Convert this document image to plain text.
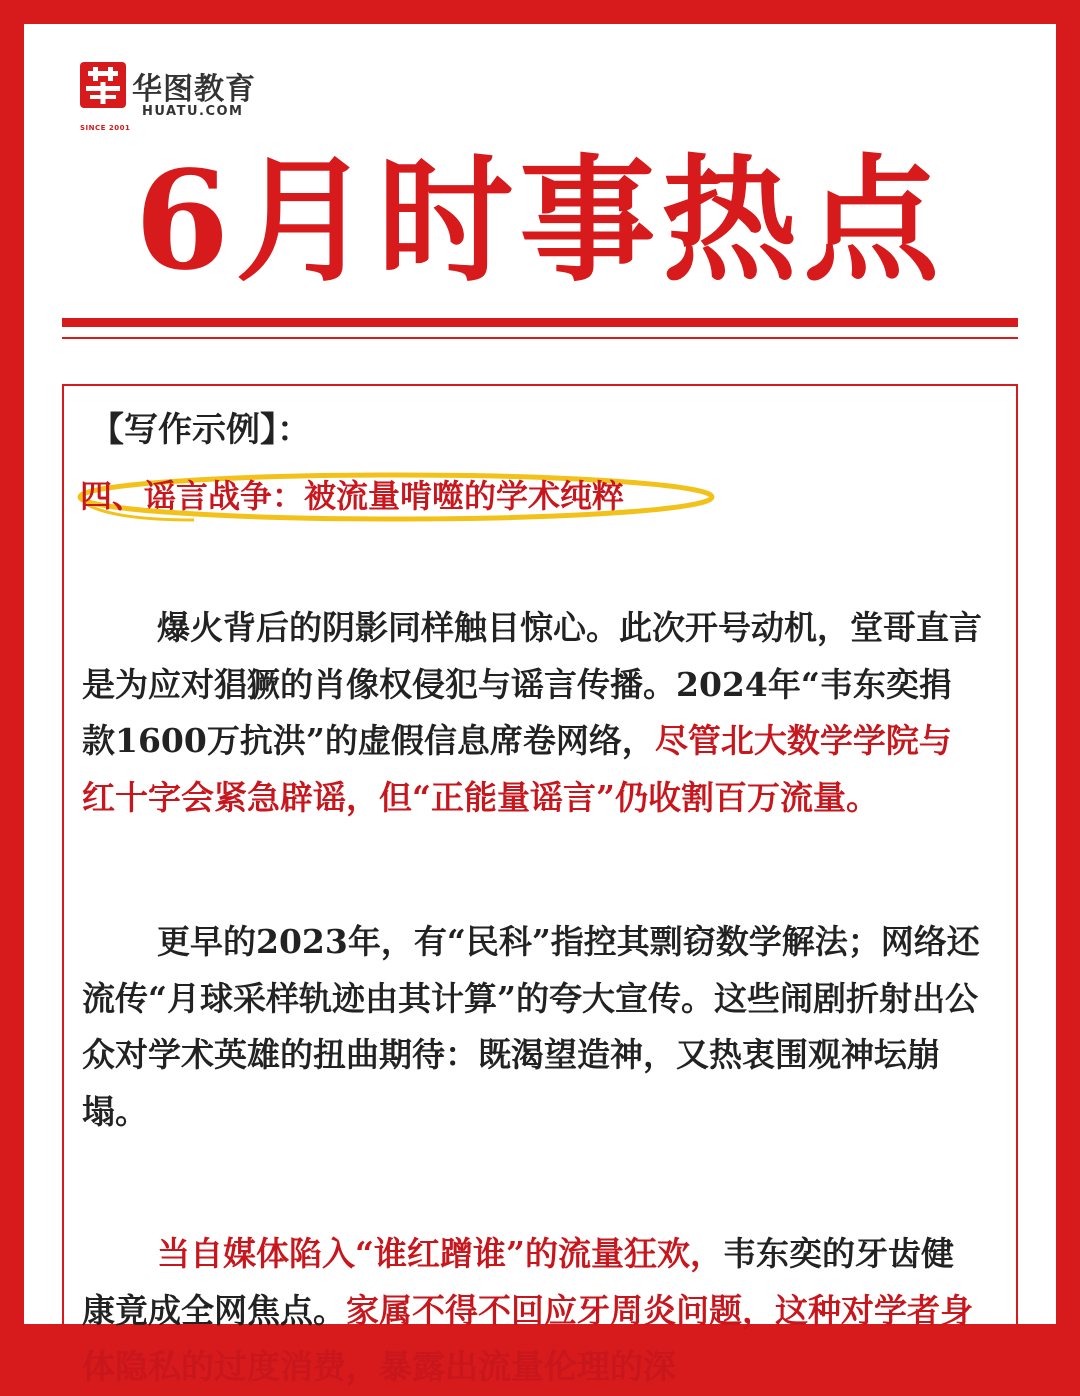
SINCE 2001
华图教育
HUATU.COM
6月时事热点
【写作示例】：
四、谣言战争：被流量啃噬的学术纯粹

爆火背后的阴影同样触目惊心。此次开号动机，堂哥直言是为应对猖獗的肖像权侵犯与谣言传播。2024年“韦东奕捐款1600万抗洪”的虚假信息席卷网络，尽管北大数学学院与红十字会紧急辟谣，但“正能量谣言”仍收割百万流量。

更早的2023年，有“民科”指控其剽窃数学解法；网络还流传“月球采样轨迹由其计算”的夸大宣传。这些闹剧折射出公众对学术英雄的扭曲期待：既渴望造神，又热衷围观神坛崩塌。

当自媒体陷入“谁红蹭谁”的流量狂欢，韦东奕的牙齿健康竟成全网焦点。家属不得不回应牙周炎问题，这种对学者身体隐私的过度消费，暴露出流量伦理的深
